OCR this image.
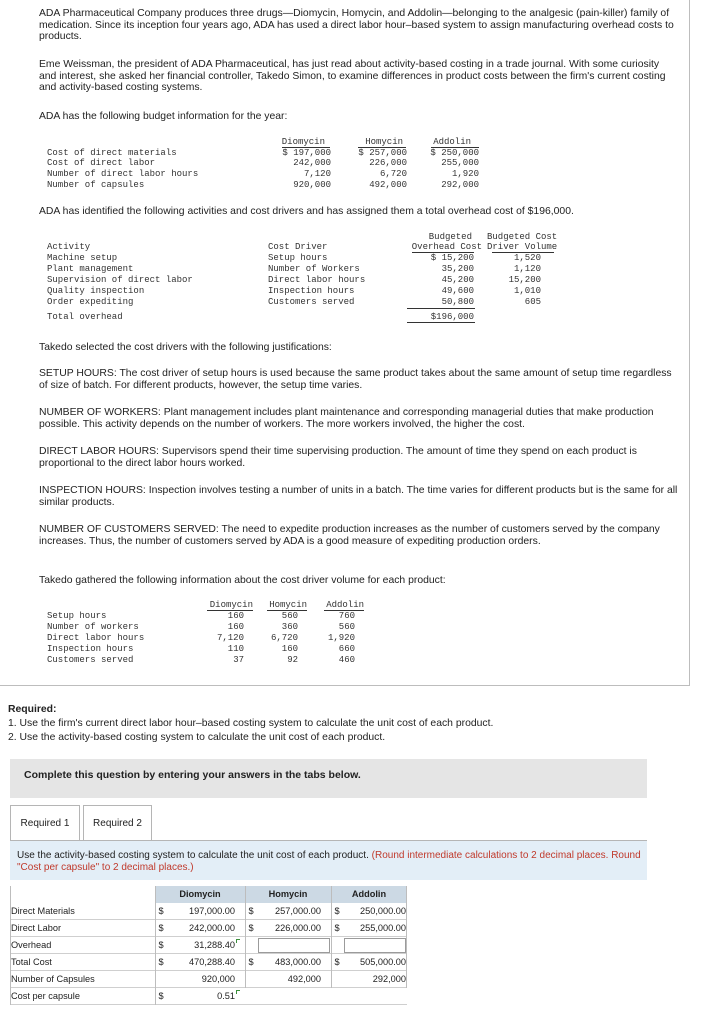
ADA Pharmaceutical Company produces three drugs—Diomycin, Homycin, and Addolin—belonging to the analgesic (pain-killer) family of medication. Since its inception four years ago, ADA has used a direct labor hour–based system to assign manufacturing overhead costs to products.
Eme Weissman, the president of ADA Pharmaceutical, has just read about activity-based costing in a trade journal. With some curiosity and interest, she asked her financial controller, Takedo Simon, to examine differences in product costs between the firm's current costing and activity-based costing systems.
ADA has the following budget information for the year:
Diomycin	Homycin	Addolin
Cost of direct materials	$ 197,000	$ 257,000	$ 250,000
Cost of direct labor	242,000	226,000	255,000
Number of direct labor hours	7,120	6,720	1,920
Number of capsules	920,000	492,000	292,000
ADA has identified the following activities and cost drivers and has assigned them a total overhead cost of $196,000.
Budgeted Budgeted Cost
Activity	Cost Driver	Overhead Cost Driver Volume
Machine setup	Setup hours	$ 15,200	1,520
Plant management	Number of Workers	35,200	1,120
Supervision of direct labor	Direct labor hours	45,200	15,200
Quality inspection	Inspection hours	49,600	1,010
Order expediting	Customers served	50,800	605
Total overhead	$196,000
Takedo selected the cost drivers with the following justifications:
SETUP HOURS: The cost driver of setup hours is used because the same product takes about the same amount of setup time regardless of size of batch. For different products, however, the setup time varies.
NUMBER OF WORKERS: Plant management includes plant maintenance and corresponding managerial duties that make production possible. This activity depends on the number of workers. The more workers involved, the higher the cost.
DIRECT LABOR HOURS: Supervisors spend their time supervising production. The amount of time they spend on each product is proportional to the direct labor hours worked.
INSPECTION HOURS: Inspection involves testing a number of units in a batch. The time varies for different products but is the same for all similar products.
NUMBER OF CUSTOMERS SERVED: The need to expedite production increases as the number of customers served by the company increases. Thus, the number of customers served by ADA is a good measure of expediting production orders.
Takedo gathered the following information about the cost driver volume for each product:
Diomycin	Homycin	Addolin
Setup hours	160	560	760
Number of workers	160	360	560
Direct labor hours	7,120	6,720	1,920
Inspection hours	110	160	660
Customers served	37	92	460
Required:
1. Use the firm's current direct labor hour–based costing system to calculate the unit cost of each product.
2. Use the activity-based costing system to calculate the unit cost of each product.
Complete this question by entering your answers in the tabs below.
Required 1	Required 2
Use the activity-based costing system to calculate the unit cost of each product. (Round intermediate calculations to 2 decimal places. Round "Cost per capsule" to 2 decimal places.)
Diomycin	Homycin	Addolin
Direct Materials	$	197,000.00 $	257,000.00 $	250,000.00
Direct Labor	$	242,000.00 $	226,000.00 $	255,000.00
Overhead	$	31,288.40
Total Cost	$	470,288.40 $	483,000.00 $	505,000.00
Number of Capsules	920,000	492,000	292,000
Cost per capsule	$	0.51
